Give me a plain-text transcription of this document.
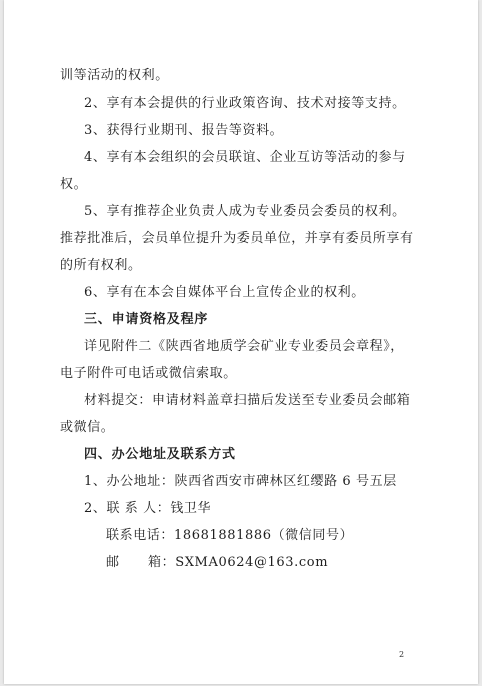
训等活动的权利。
2、享有本会提供的行业政策咨询、技术对接等支持。
3、获得行业期刊、报告等资料。
4、享有本会组织的会员联谊、企业互访等活动的参与
权。
5、享有推荐企业负责人成为专业委员会委员的权利。
推荐批准后，会员单位提升为委员单位，并享有委员所享有
的所有权利。
6、享有在本会自媒体平台上宣传企业的权利。
三、申请资格及程序
详见附件二《陕西省地质学会矿业专业委员会章程》，
电子附件可电话或微信索取。
材料提交：申请材料盖章扫描后发送至专业委员会邮箱
或微信。
四、办公地址及联系方式
1、办公地址：陕西省西安市碑林区红缨路 6 号五层
2、联 系 人：钱卫华
联系电话：18681881886（微信同号）
邮      箱：SXMA0624@163.com
2
